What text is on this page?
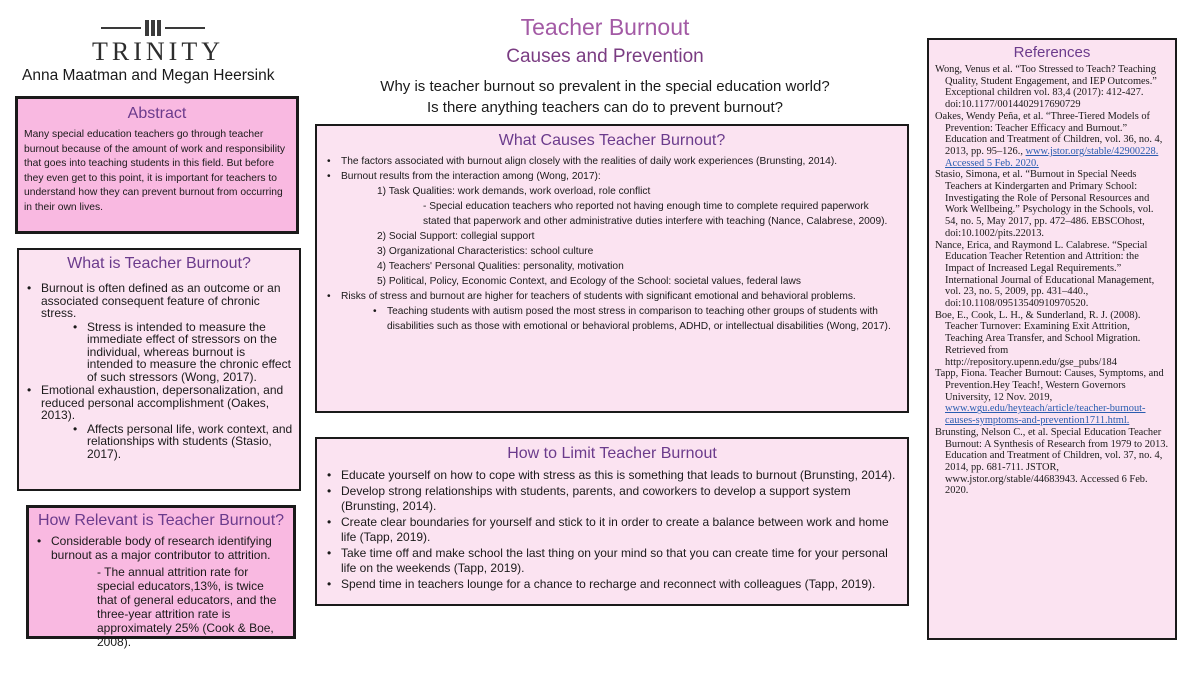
TRINITY
Anna Maatman and Megan Heersink
Teacher Burnout
Causes and Prevention
Why is teacher burnout so prevalent in the special education world?
Is there anything teachers can do to prevent burnout?
Abstract
Many special education teachers go through teacher burnout because of the amount of work and responsibility that goes into teaching students in this field. But before they even get to this point, it is important for teachers to understand how they can prevent burnout from occurring in their own lives.
What is Teacher Burnout?
• Burnout is often defined as an outcome or an associated consequent feature of chronic stress.
• Stress is intended to measure the immediate effect of stressors on the individual, whereas burnout is intended to measure the chronic effect of such stressors (Wong, 2017).
• Emotional exhaustion, depersonalization, and reduced personal accomplishment (Oakes, 2013).
• Affects personal life, work context, and relationships with students (Stasio, 2017).
How Relevant is Teacher Burnout?
• Considerable body of research identifying burnout as a major contributor to attrition.
- The annual attrition rate for special educators,13%, is twice that of general educators, and the three-year attrition rate is approximately 25% (Cook & Boe, 2008).
What Causes Teacher Burnout?
• The factors associated with burnout align closely with the realities of daily work experiences (Brunsting, 2014).
• Burnout results from the interaction among (Wong, 2017):
1) Task Qualities: work demands, work overload, role conflict
- Special education teachers who reported not having enough time to complete required paperwork stated that paperwork and other administrative duties interfere with teaching (Nance, Calabrese, 2009).
2) Social Support: collegial support
3) Organizational Characteristics: school culture
4) Teachers' Personal Qualities: personality, motivation
5) Political, Policy, Economic Context, and Ecology of the School: societal values, federal laws
• Risks of stress and burnout are higher for teachers of students with significant emotional and behavioral problems.
• Teaching students with autism posed the most stress in comparison to teaching other groups of students with disabilities such as those with emotional or behavioral problems, ADHD, or intellectual disabilities (Wong, 2017).
How to Limit Teacher Burnout
• Educate yourself on how to cope with stress as this is something that leads to burnout (Brunsting, 2014).
• Develop strong relationships with students, parents, and coworkers to develop a support system (Brunsting, 2014).
• Create clear boundaries for yourself and stick to it in order to create a balance between work and home life (Tapp, 2019).
• Take time off and make school the last thing on your mind so that you can create time for your personal life on the weekends (Tapp, 2019).
• Spend time in teachers lounge for a chance to recharge and reconnect with colleagues (Tapp, 2019).
References
Wong, Venus et al. “Too Stressed to Teach? Teaching Quality, Student Engagement, and IEP Outcomes.” Exceptional children vol. 83,4 (2017): 412-427. doi:10.1177/0014402917690729
Oakes, Wendy Peña, et al. “Three-Tiered Models of Prevention: Teacher Efficacy and Burnout.” Education and Treatment of Children, vol. 36, no. 4, 2013, pp. 95–126., www.jstor.org/stable/42900228. Accessed 5 Feb. 2020.
Stasio, Simona, et al. “Burnout in Special Needs Teachers at Kindergarten and Primary School: Investigating the Role of Personal Resources and Work Wellbeing.” Psychology in the Schools, vol. 54, no. 5, May 2017, pp. 472–486. EBSCOhost, doi:10.1002/pits.22013.
Nance, Erica, and Raymond L. Calabrese. “Special Education Teacher Retention and Attrition: the Impact of Increased Legal Requirements.” International Journal of Educational Management, vol. 23, no. 5, 2009, pp. 431–440., doi:10.1108/09513540910970520.
Boe, E., Cook, L. H., & Sunderland, R. J. (2008). Teacher Turnover: Examining Exit Attrition, Teaching Area Transfer, and School Migration. Retrieved from http://repository.upenn.edu/gse_pubs/184
Tapp, Fiona. Teacher Burnout: Causes, Symptoms, and Prevention.Hey Teach!, Western Governors University, 12 Nov. 2019, www.wgu.edu/heyteach/article/teacher-burnout-causes-symptoms-and-prevention1711.html.
Brunsting, Nelson C., et al. Special Education Teacher Burnout: A Synthesis of Research from 1979 to 2013. Education and Treatment of Children, vol. 37, no. 4, 2014, pp. 681-711. JSTOR, www.jstor.org/stable/44683943. Accessed 6 Feb. 2020.
